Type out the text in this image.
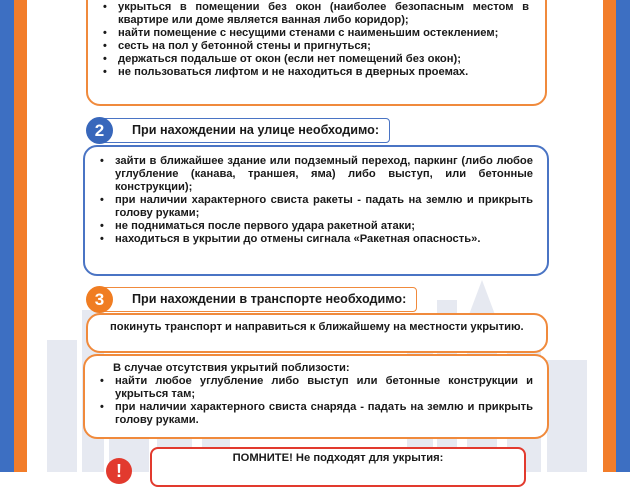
• укрыться в помещении без окон (наиболее безопасным местом в квартире или доме является ванная либо коридор);
• найти помещение с несущими стенами с наименьшим остеклением;
• сесть на пол у бетонной стены и пригнуться;
• держаться подальше от окон (если нет помещений без окон);
• не пользоваться лифтом и не находиться в дверных проемах.
При нахождении на улице необходимо:
2
• зайти в ближайшее здание или подземный переход, паркинг (либо любое углубление (канава, траншея, яма) либо выступ, или бетонные конструкции);
• при наличии характерного свиста ракеты - падать на землю и прикрыть голову руками;
• не подниматься после первого удара ракетной атаки;
• находиться в укрытии до отмены сигнала «Ракетная опасность».
При нахождении в транспорте необходимо:
3
покинуть транспорт и направиться к ближайшему на местности укрытию.
В случае отсутствия укрытий поблизости:
• найти любое углубление либо выступ или бетонные конструкции и укрыться там;
• при наличии характерного свиста снаряда - падать на землю и прикрыть голову руками.
!
ПОМНИТЕ! Не подходят для укрытия:
